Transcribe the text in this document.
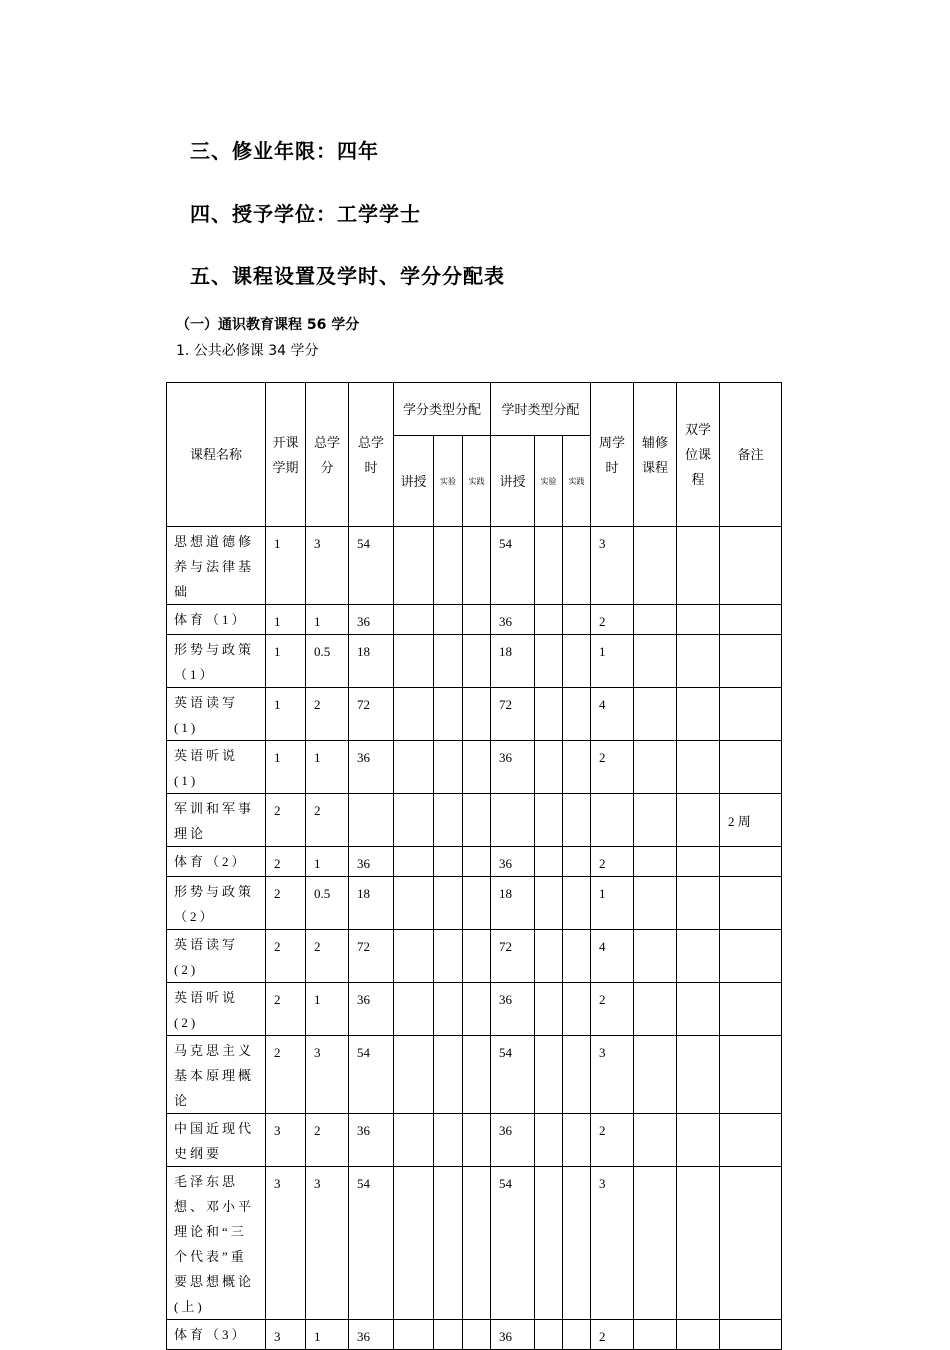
三、修业年限：四年
四、授予学位：工学学士
五、课程设置及学时、学分分配表
（一）通识教育课程 56 学分
1. 公共必修课 34 学分
课程名称	开课学期	总学分	总学时	学分类型分配			学时类型分配			周学时	辅修课程	双学位课程	备注
				讲授	实验	实践	讲授	实验	实践				
思想道德修养与法律基础	1	3	54				54			3			
体育（1）	1	1	36				36			2			
形势与政策（1）	1	0.5	18				18			1			
英语读写(1)	1	2	72				72			4			
英语听说(1)	1	1	36				36			2			
军训和军事理论	2	2											2 周
体育（2）	2	1	36				36			2			
形势与政策（2）	2	0.5	18				18			1			
英语读写(2)	2	2	72				72			4			
英语听说(2)	2	1	36				36			2			
马克思主义基本原理概论	2	3	54				54			3			
中国近现代史纲要	3	2	36				36			2			
毛泽东思想、邓小平理论和“三个代表”重要思想概论(上)	3	3	54				54			3			
体育（3）	3	1	36				36			2			
